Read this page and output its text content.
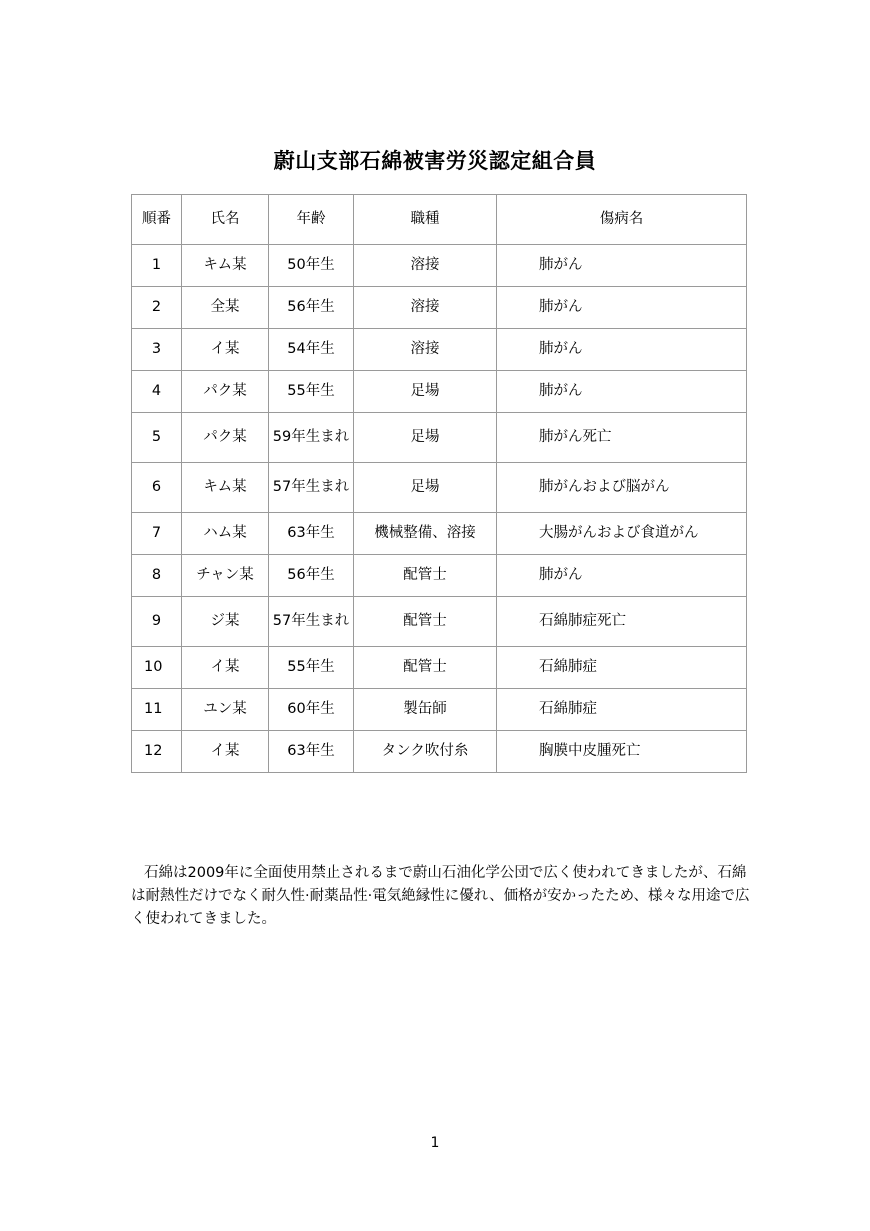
蔚山支部石綿被害労災認定組合員
順番	氏名	年齢	職種	傷病名
1	キム某	50年生	溶接	肺がん
2	全某	56年生	溶接	肺がん
3	イ某	54年生	溶接	肺がん
4	パク某	55年生	足場	肺がん
5	パク某	59年生まれ	足場	肺がん死亡
6	キム某	57年生まれ	足場	肺がんおよび脳がん
7	ハム某	63年生	機械整備、溶接	大腸がんおよび食道がん
8	チャン某	56年生	配管士	肺がん
9	ジ某	57年生まれ	配管士	石綿肺症死亡
10	イ某	55年生	配管士	石綿肺症
11	ユン某	60年生	製缶師	石綿肺症
12	イ某	63年生	タンク吹付糸	胸膜中皮腫死亡
石綿は2009年に全面使用禁止されるまで蔚山石油化学公団で広く使われてきましたが、石綿は耐熱性だけでなく耐久性·耐薬品性·電気絶縁性に優れ、価格が安かったため、様々な用途で広く使われてきました。
1
